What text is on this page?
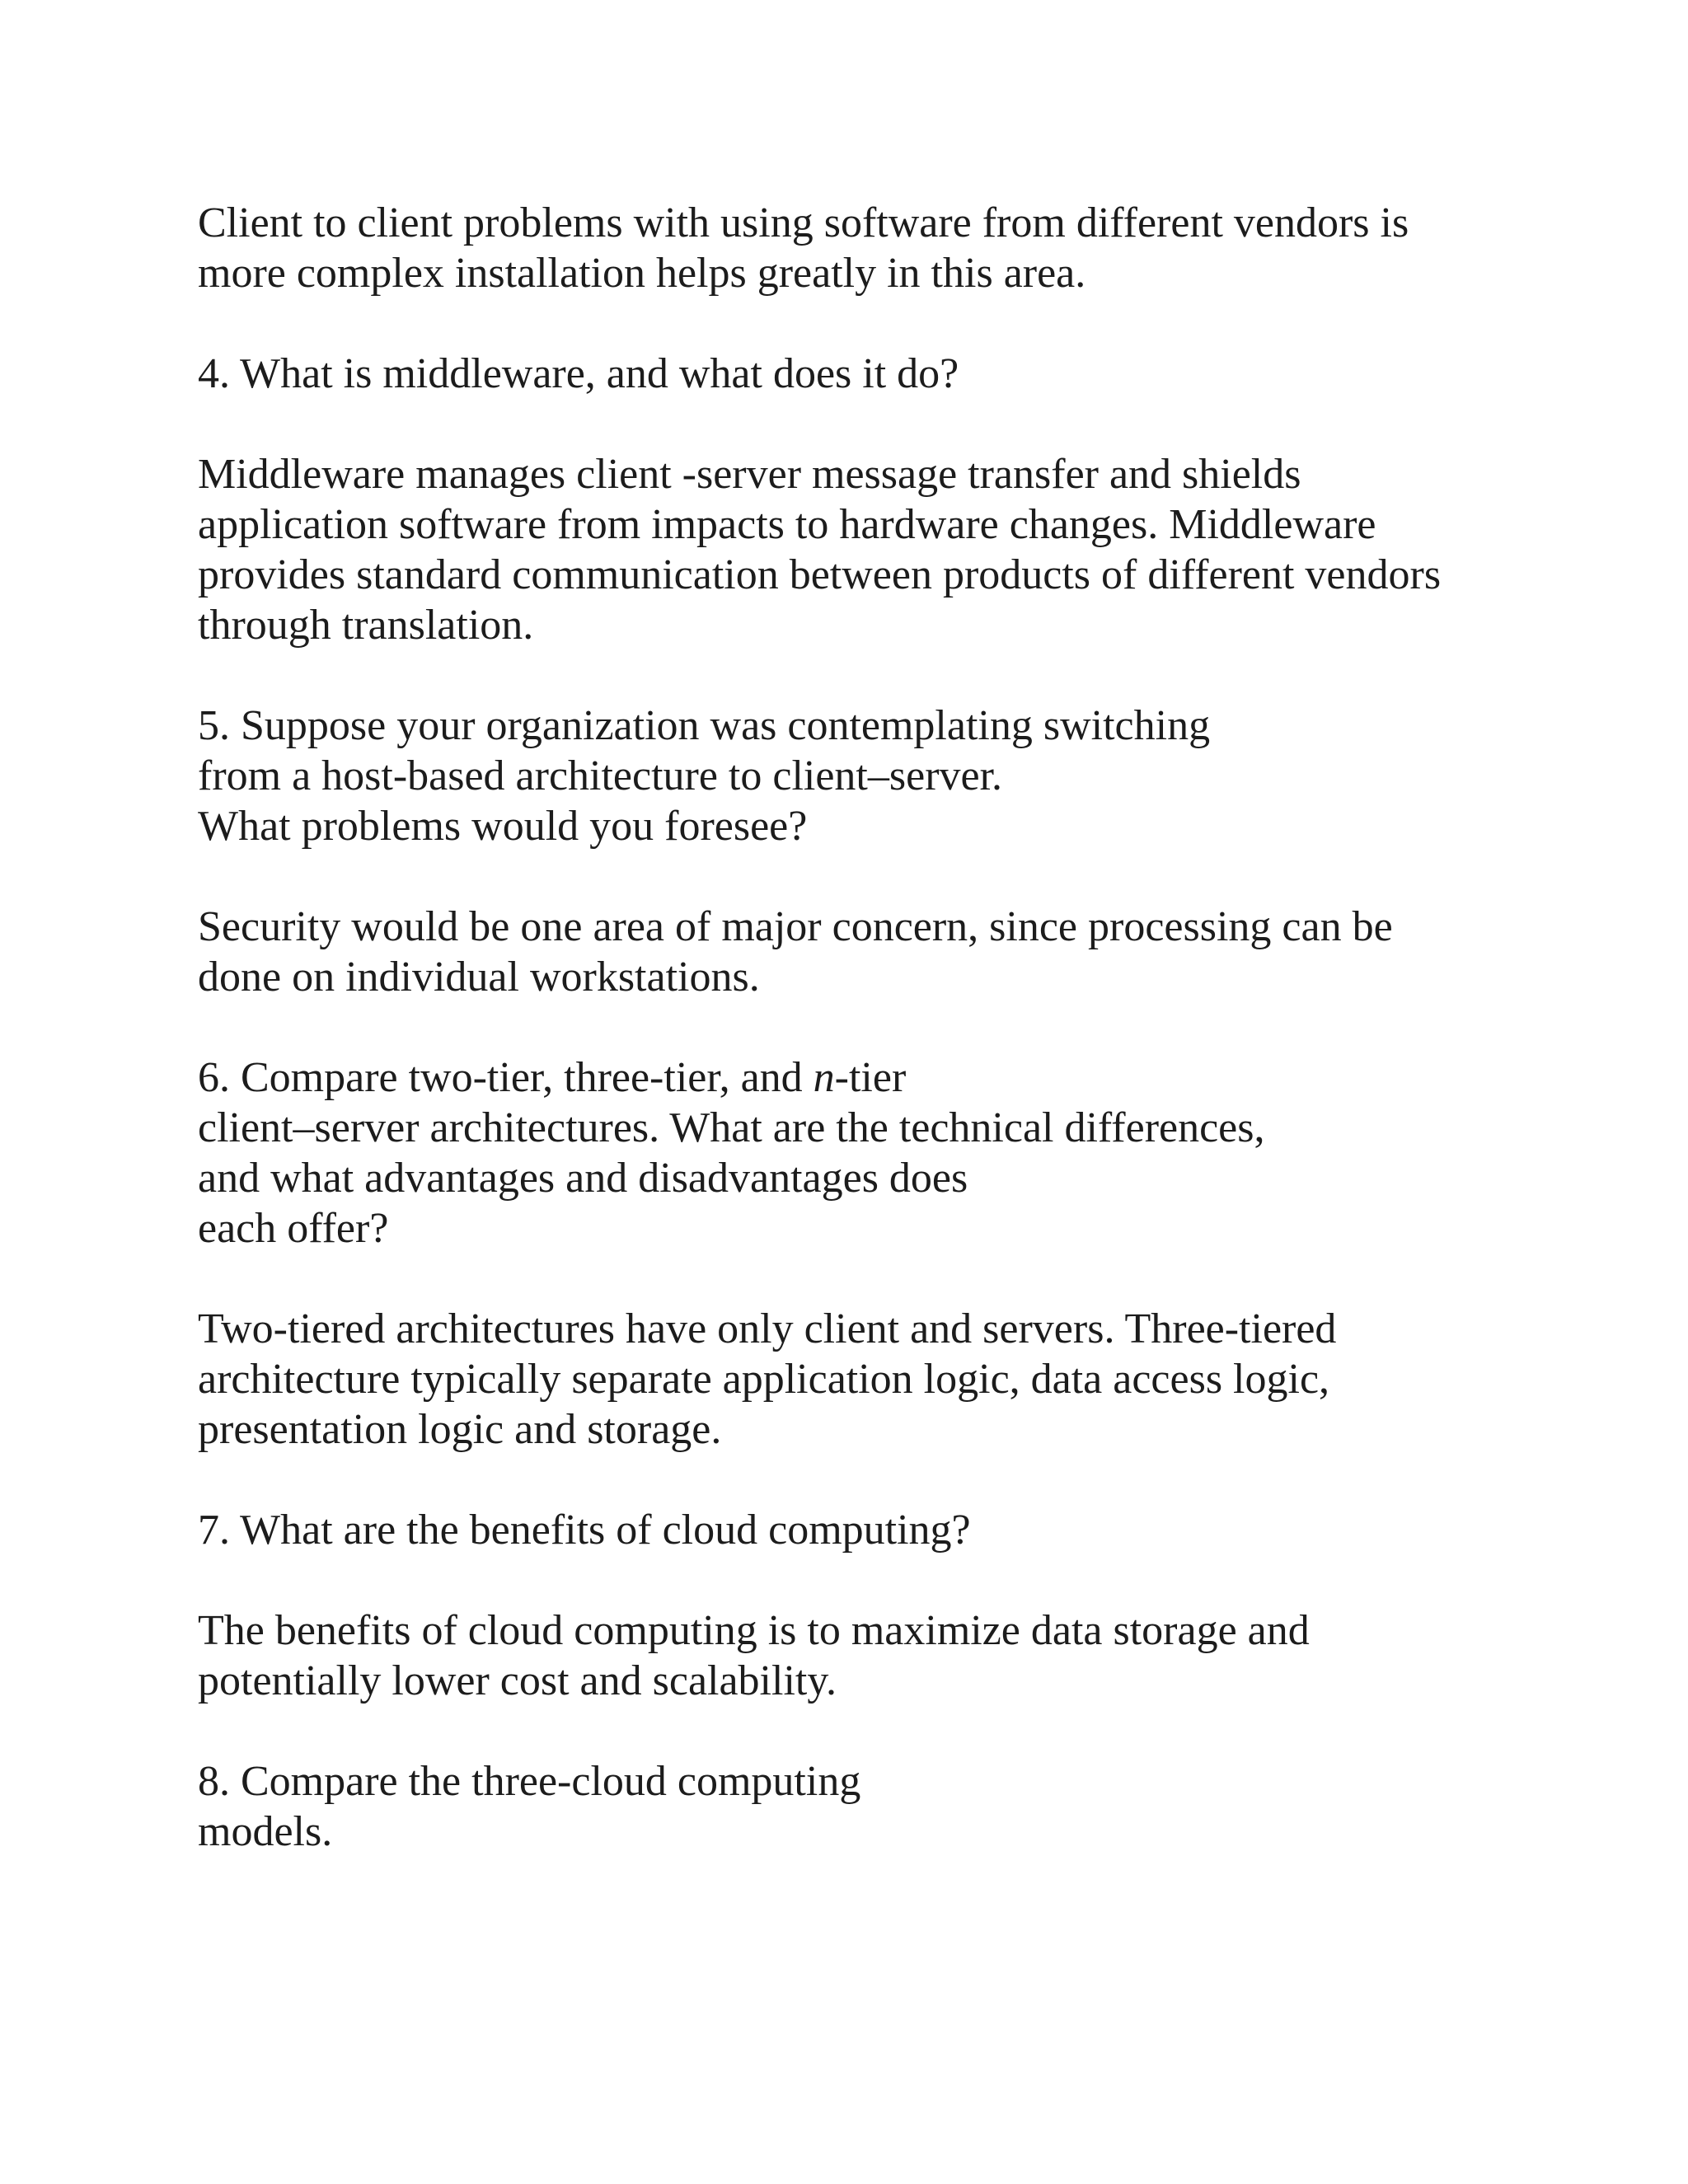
Client to client problems with using software from different vendors is
more complex installation helps greatly in this area.
4. What is middleware, and what does it do?
Middleware manages client -server message transfer and shields
application software from impacts to hardware changes. Middleware
provides standard communication between products of different vendors
through translation.
5. Suppose your organization was contemplating switching
from a host-based architecture to client–server.
What problems would you foresee?
Security would be one area of major concern, since processing can be
done on individual workstations.
6. Compare two-tier, three-tier, and n-tier
client–server architectures. What are the technical differences,
and what advantages and disadvantages does
each offer?
Two-tiered architectures have only client and servers. Three-tiered
architecture typically separate application logic, data access logic,
presentation logic and storage.
7. What are the benefits of cloud computing?
The benefits of cloud computing is to maximize data storage and
potentially lower cost and scalability.
8. Compare the three-cloud computing
models.
